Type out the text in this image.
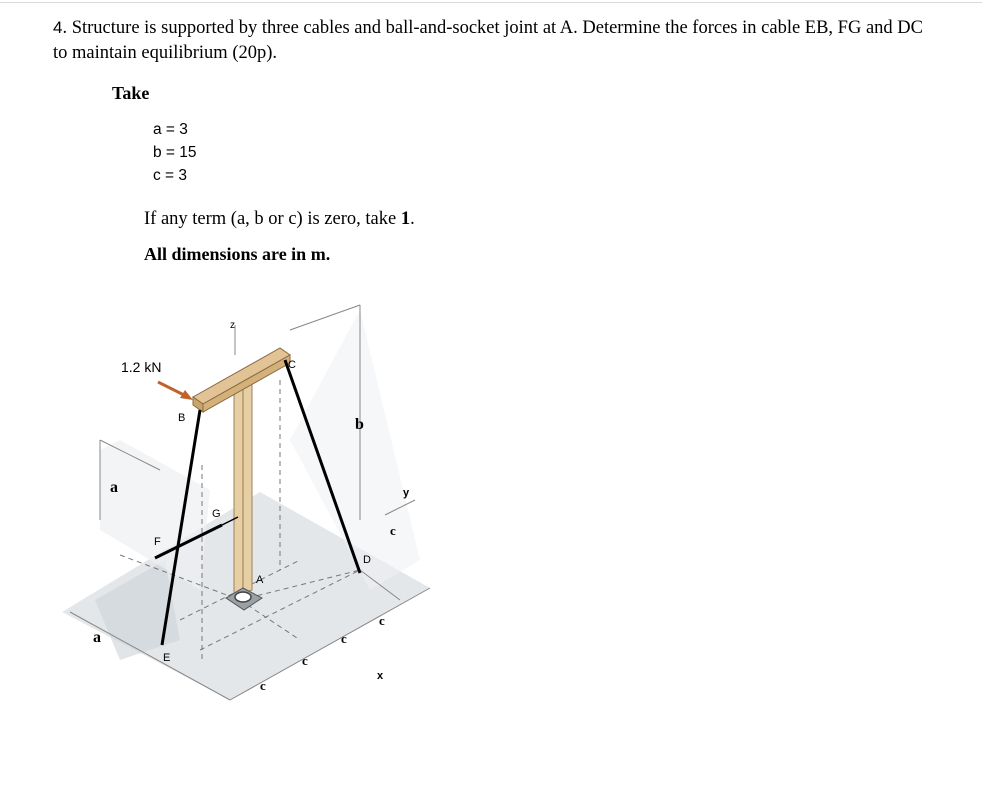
4. Structure is supported by three cables and ball-and-socket joint at A. Determine the forces in cable EB, FG and DC to maintain equilibrium (20p).
Take
a = 3
b = 15
c = 3
If any term (a, b or c) is zero, take 1.
All dimensions are in m.
1.2 kN
z
C
B	b
a	y
G
c
F
D
A
c
a	c
E	c
x
c
